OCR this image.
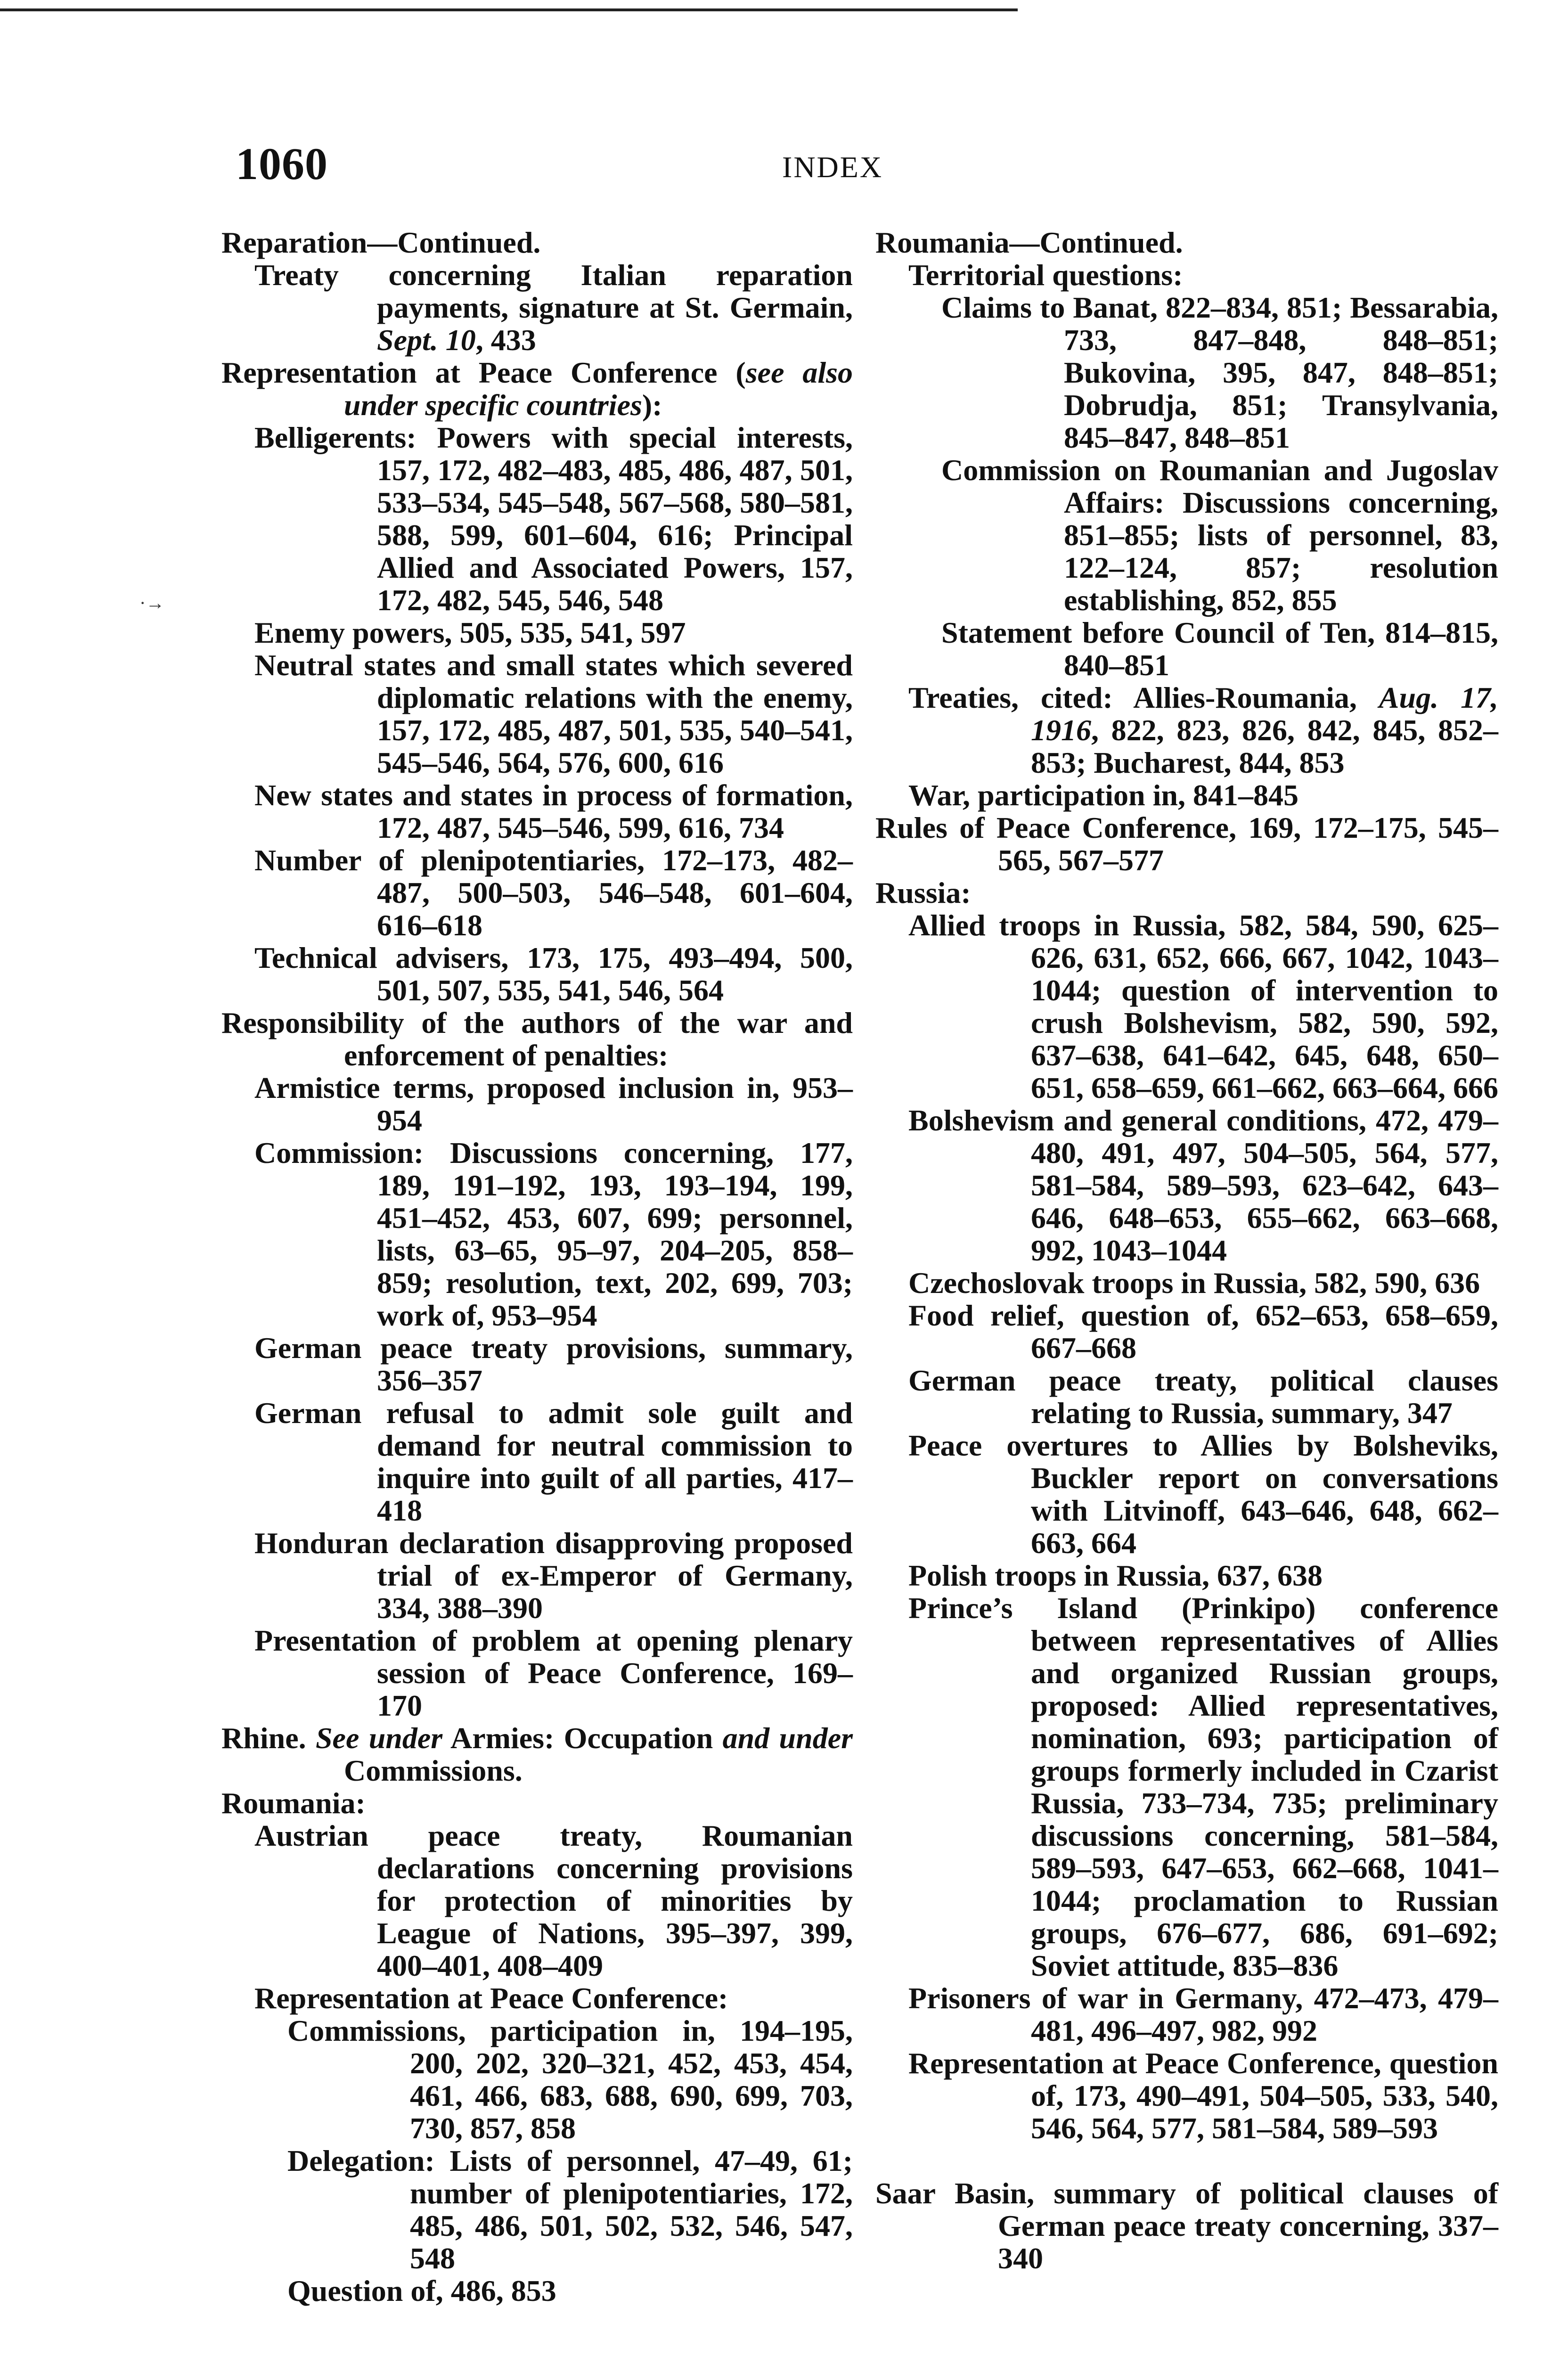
1060	INDEX
·→
Reparation—Continued.
Treaty concerning Italian reparation payments, signature at St. Germain, Sept. 10, 433
Representation at Peace Conference (see also under specific countries):
Belligerents: Powers with special interests, 157, 172, 482–483, 485, 486, 487, 501, 533–534, 545–548, 567–568, 580–581, 588, 599, 601–604, 616; Principal Allied and Associated Powers, 157, 172, 482, 545, 546, 548
Enemy powers, 505, 535, 541, 597
Neutral states and small states which severed diplomatic relations with the enemy, 157, 172, 485, 487, 501, 535, 540–541, 545–546, 564, 576, 600, 616
New states and states in process of formation, 172, 487, 545–546, 599, 616, 734
Number of plenipotentiaries, 172–173, 482–487, 500–503, 546–548, 601–604, 616–618
Technical advisers, 173, 175, 493–494, 500, 501, 507, 535, 541, 546, 564
Responsibility of the authors of the war and enforcement of penalties:
Armistice terms, proposed inclusion in, 953–954
Commission: Discussions concerning, 177, 189, 191–192, 193, 193–194, 199, 451–452, 453, 607, 699; personnel, lists, 63–65, 95–97, 204–205, 858–859; resolution, text, 202, 699, 703; work of, 953–954
German peace treaty provisions, summary, 356–357
German refusal to admit sole guilt and demand for neutral commission to inquire into guilt of all parties, 417–418
Honduran declaration disapproving proposed trial of ex-Emperor of Germany, 334, 388–390
Presentation of problem at opening plenary session of Peace Conference, 169–170
Rhine. See under Armies: Occupation and under Commissions.
Roumania:
Austrian peace treaty, Roumanian declarations concerning provisions for protection of minorities by League of Nations, 395–397, 399, 400–401, 408–409
Representation at Peace Conference:
Commissions, participation in, 194–195, 200, 202, 320–321, 452, 453, 454, 461, 466, 683, 688, 690, 699, 703, 730, 857, 858
Delegation: Lists of personnel, 47–49, 61; number of plenipotentiaries, 172, 485, 486, 501, 502, 532, 546, 547, 548
Question of, 486, 853
Roumania—Continued.
Territorial questions:
Claims to Banat, 822–834, 851; Bessarabia, 733, 847–848, 848–851; Bukovina, 395, 847, 848–851; Dobrudja, 851; Transylvania, 845–847, 848–851
Commission on Roumanian and Jugoslav Affairs: Discussions concerning, 851–855; lists of personnel, 83, 122–124, 857; resolution establishing, 852, 855
Statement before Council of Ten, 814–815, 840–851
Treaties, cited: Allies-Roumania, Aug. 17, 1916, 822, 823, 826, 842, 845, 852–853; Bucharest, 844, 853
War, participation in, 841–845
Rules of Peace Conference, 169, 172–175, 545–565, 567–577
Russia:
Allied troops in Russia, 582, 584, 590, 625–626, 631, 652, 666, 667, 1042, 1043–1044; question of intervention to crush Bolshevism, 582, 590, 592, 637–638, 641–642, 645, 648, 650–651, 658–659, 661–662, 663–664, 666
Bolshevism and general conditions, 472, 479–480, 491, 497, 504–505, 564, 577, 581–584, 589–593, 623–642, 643–646, 648–653, 655–662, 663–668, 992, 1043–1044
Czechoslovak troops in Russia, 582, 590, 636
Food relief, question of, 652–653, 658–659, 667–668
German peace treaty, political clauses relating to Russia, summary, 347
Peace overtures to Allies by Bolsheviks, Buckler report on conversations with Litvinoff, 643–646, 648, 662–663, 664
Polish troops in Russia, 637, 638
Prince’s Island (Prinkipo) conference between representatives of Allies and organized Russian groups, proposed: Allied representatives, nomination, 693; participation of groups formerly included in Czarist Russia, 733–734, 735; preliminary discussions concerning, 581–584, 589–593, 647–653, 662–668, 1041–1044; proclamation to Russian groups, 676–677, 686, 691–692; Soviet attitude, 835–836
Prisoners of war in Germany, 472–473, 479–481, 496–497, 982, 992
Representation at Peace Conference, question of, 173, 490–491, 504–505, 533, 540, 546, 564, 577, 581–584, 589–593
Saar Basin, summary of political clauses of German peace treaty concerning, 337–340
